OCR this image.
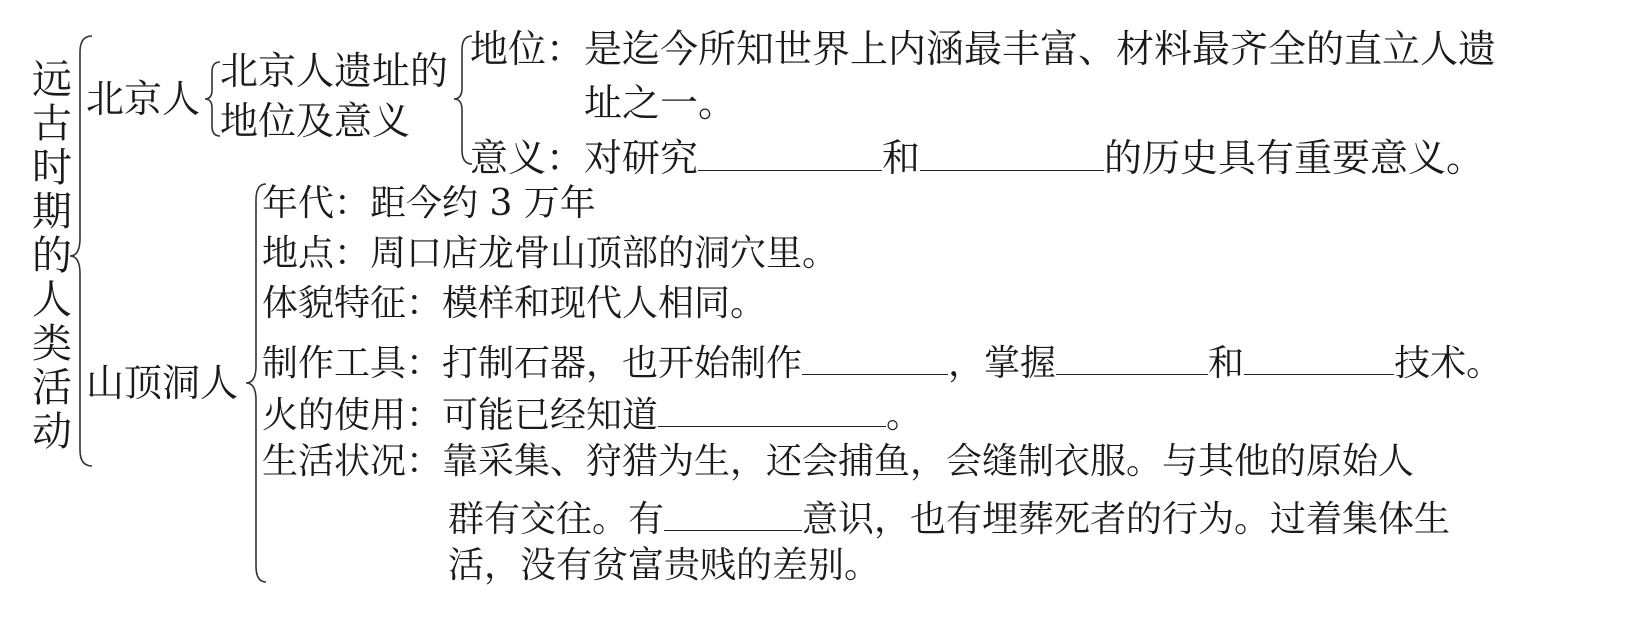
远古时期的人类活动
北京人
北京人遗址的
地位及意义
地位：是迄今所知世界上内涵最丰富、材料最齐全的直立人遗
址之一。
意义：对研究	和	的历史具有重要意义。
山顶洞人
年代：距今约 3 万年
地点：周口店龙骨山顶部的洞穴里。
体貌特征：模样和现代人相同。
制作工具：打制石器，也开始制作	，掌握	和	技术。
火的使用：可能已经知道	。
生活状况：靠采集、狩猎为生，还会捕鱼，会缝制衣服。与其他的原始人
群有交往。有	意识，也有埋葬死者的行为。过着集体生
活，没有贫富贵贱的差别。
